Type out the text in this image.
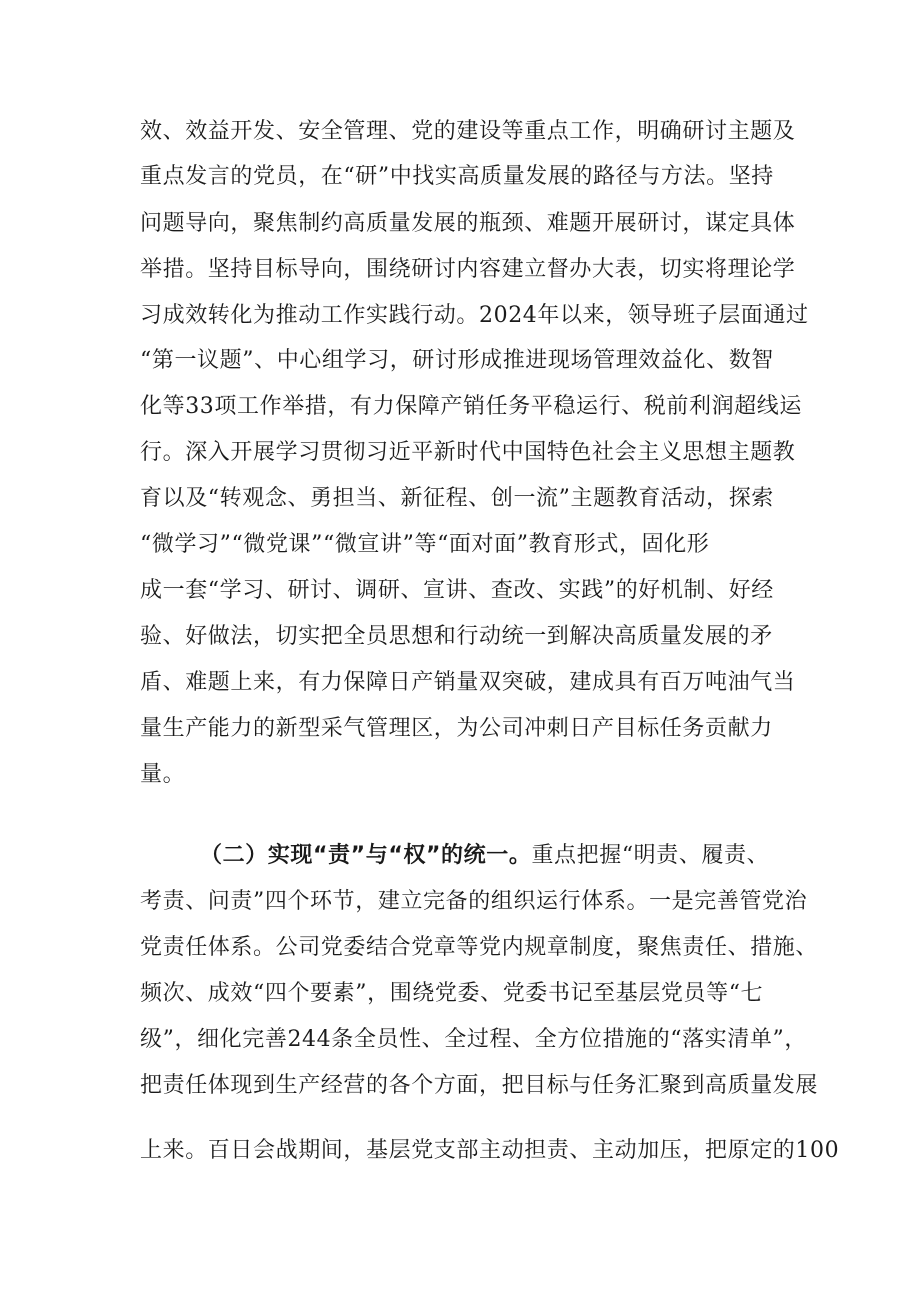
效、效益开发、安全管理、党的建设等重点工作，明确研讨主题及
重点发言的党员，在“研”中找实高质量发展的路径与方法。坚持
问题导向，聚焦制约高质量发展的瓶颈、难题开展研讨，谋定具体
举措。坚持目标导向，围绕研讨内容建立督办大表，切实将理论学
习成效转化为推动工作实践行动。2024年以来，领导班子层面通过
“第一议题”、中心组学习，研讨形成推进现场管理效益化、数智
化等33项工作举措，有力保障产销任务平稳运行、税前利润超线运
行。深入开展学习贯彻习近平新时代中国特色社会主义思想主题教
育以及“转观念、勇担当、新征程、创一流”主题教育活动，探索
“微学习”“微党课”“微宣讲”等“面对面”教育形式，固化形
成一套“学习、研讨、调研、宣讲、查改、实践”的好机制、好经
验、好做法，切实把全员思想和行动统一到解决高质量发展的矛
盾、难题上来，有力保障日产销量双突破，建成具有百万吨油气当
量生产能力的新型采气管理区，为公司冲刺日产目标任务贡献力
量。
（二）实现“责”与“权”的统一。重点把握“明责、履责、
考责、问责”四个环节，建立完备的组织运行体系。一是完善管党治
党责任体系。公司党委结合党章等党内规章制度，聚焦责任、措施、
频次、成效“四个要素”，围绕党委、党委书记至基层党员等“七
级”，细化完善244条全员性、全过程、全方位措施的“落实清单”，
把责任体现到生产经营的各个方面，把目标与任务汇聚到高质量发展
上来。百日会战期间，基层党支部主动担责、主动加压，把原定的100
